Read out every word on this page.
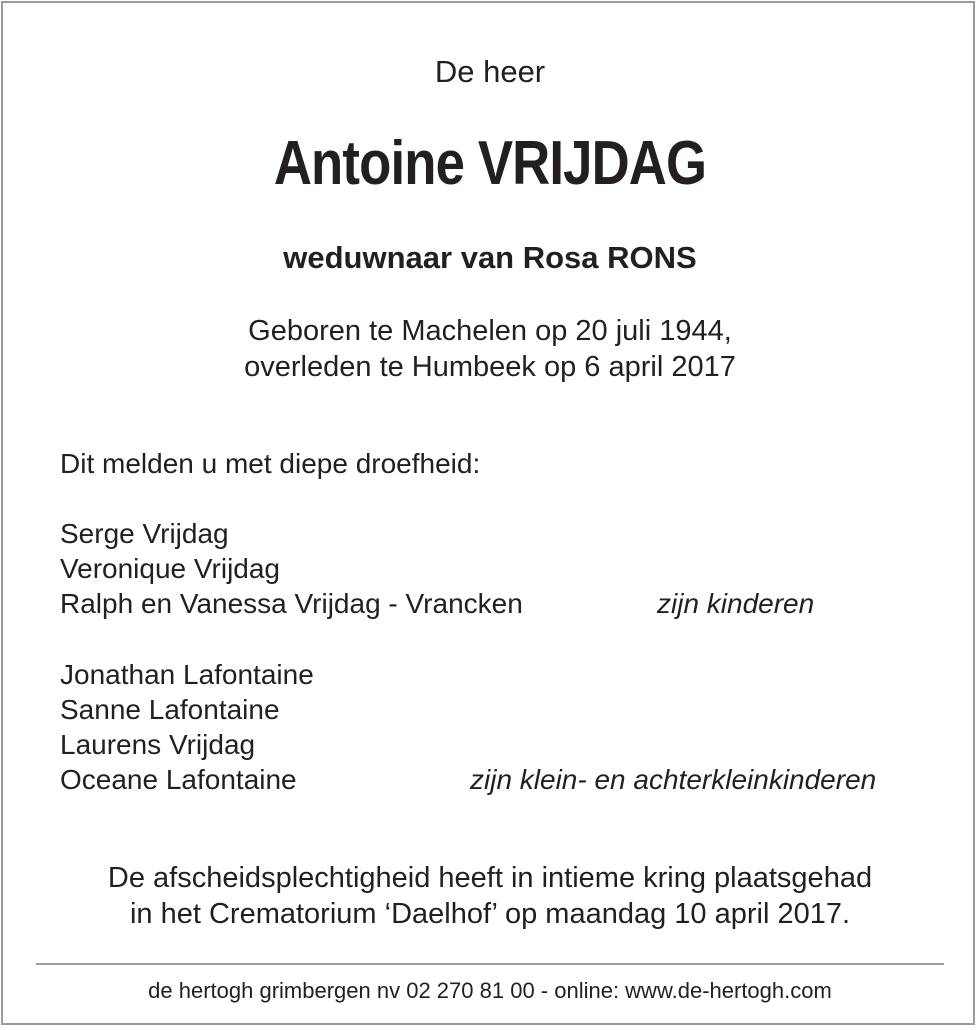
De heer
Antoine VRIJDAG
weduwnaar van Rosa RONS
Geboren te Machelen op 20 juli 1944,
overleden te Humbeek op 6 april 2017
Dit melden u met diepe droefheid:
Serge Vrijdag
Veronique Vrijdag
Ralph en Vanessa Vrijdag - Vrancken	zijn kinderen
Jonathan Lafontaine
Sanne Lafontaine
Laurens Vrijdag
Oceane Lafontaine	zijn klein- en achterkleinkinderen
De afscheidsplechtigheid heeft in intieme kring plaatsgehad
in het Crematorium ‘Daelhof’ op maandag 10 april 2017.
de hertogh grimbergen nv 02 270 81 00 - online: www.de-hertogh.com
